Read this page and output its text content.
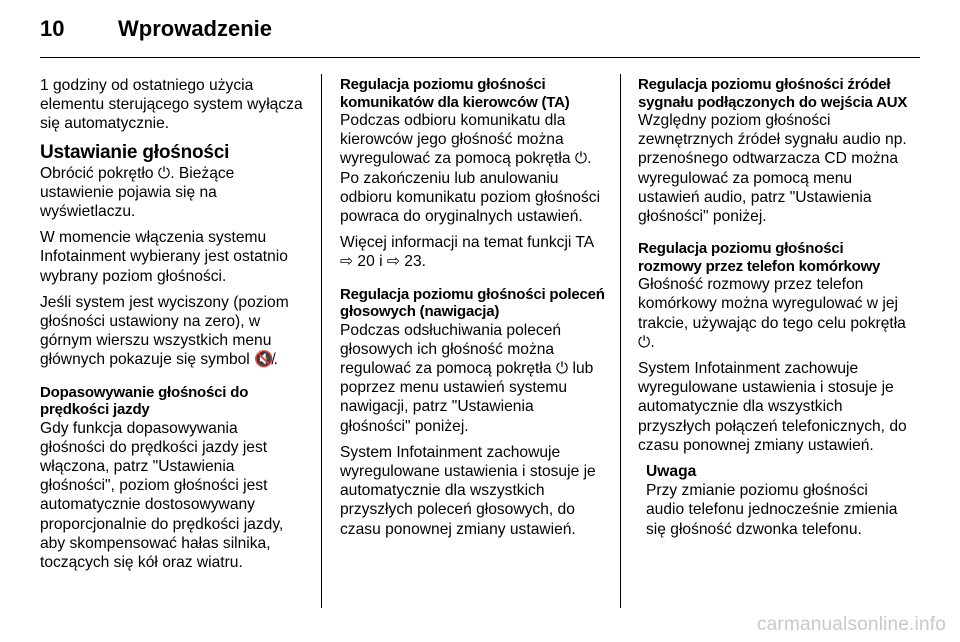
10 Wprowadzenie

1 godziny od ostatniego użycia elementu sterującego system wyłącza się automatycznie.

Ustawianie głośności

Obrócić pokrętło ⏻. Bieżące ustawienie pojawia się na wyświetlaczu.

W momencie włączenia systemu Infotainment wybierany jest ostatnio wybrany poziom głośności.

Jeśli system jest wyciszony (poziom głośności ustawiony na zero), w górnym wierszu wszystkich menu głównych pokazuje się symbol 🔇̸.

Dopasowywanie głośności do prędkości jazdy

Gdy funkcja dopasowywania głośności do prędkości jazdy jest włączona, patrz "Ustawienia głośności", poziom głośności jest automatycznie dostosowywany proporcjonalnie do prędkości jazdy, aby skompensować hałas silnika, toczących się kół oraz wiatru.

Regulacja poziomu głośności komunikatów dla kierowców (TA)

Podczas odbioru komunikatu dla kierowców jego głośność można wyregulować za pomocą pokrętła ⏻. Po zakończeniu lub anulowaniu odbioru komunikatu poziom głośności powraca do oryginalnych ustawień.

Więcej informacji na temat funkcji TA ⇨ 20 i ⇨ 23.

Regulacja poziomu głośności poleceń głosowych (nawigacja)

Podczas odsłuchiwania poleceń głosowych ich głośność można regulować za pomocą pokrętła ⏻ lub poprzez menu ustawień systemu nawigacji, patrz "Ustawienia głośności" poniżej.

System Infotainment zachowuje wyregulowane ustawienia i stosuje je automatycznie dla wszystkich przyszłych poleceń głosowych, do czasu ponownej zmiany ustawień.

Regulacja poziomu głośności źródeł sygnału podłączonych do wejścia AUX

Względny poziom głośności zewnętrznych źródeł sygnału audio np. przenośnego odtwarzacza CD można wyregulować za pomocą menu ustawień audio, patrz "Ustawienia głośności" poniżej.

Regulacja poziomu głośności rozmowy przez telefon komórkowy

Głośność rozmowy przez telefon komórkowy można wyregulować w jej trakcie, używając do tego celu pokrętła ⏻.

System Infotainment zachowuje wyregulowane ustawienia i stosuje je automatycznie dla wszystkich przyszłych połączeń telefonicznych, do czasu ponownej zmiany ustawień.

Uwaga

Przy zmianie poziomu głośności audio telefonu jednocześnie zmienia się głośność dzwonka telefonu.

carmanualsonline.info
